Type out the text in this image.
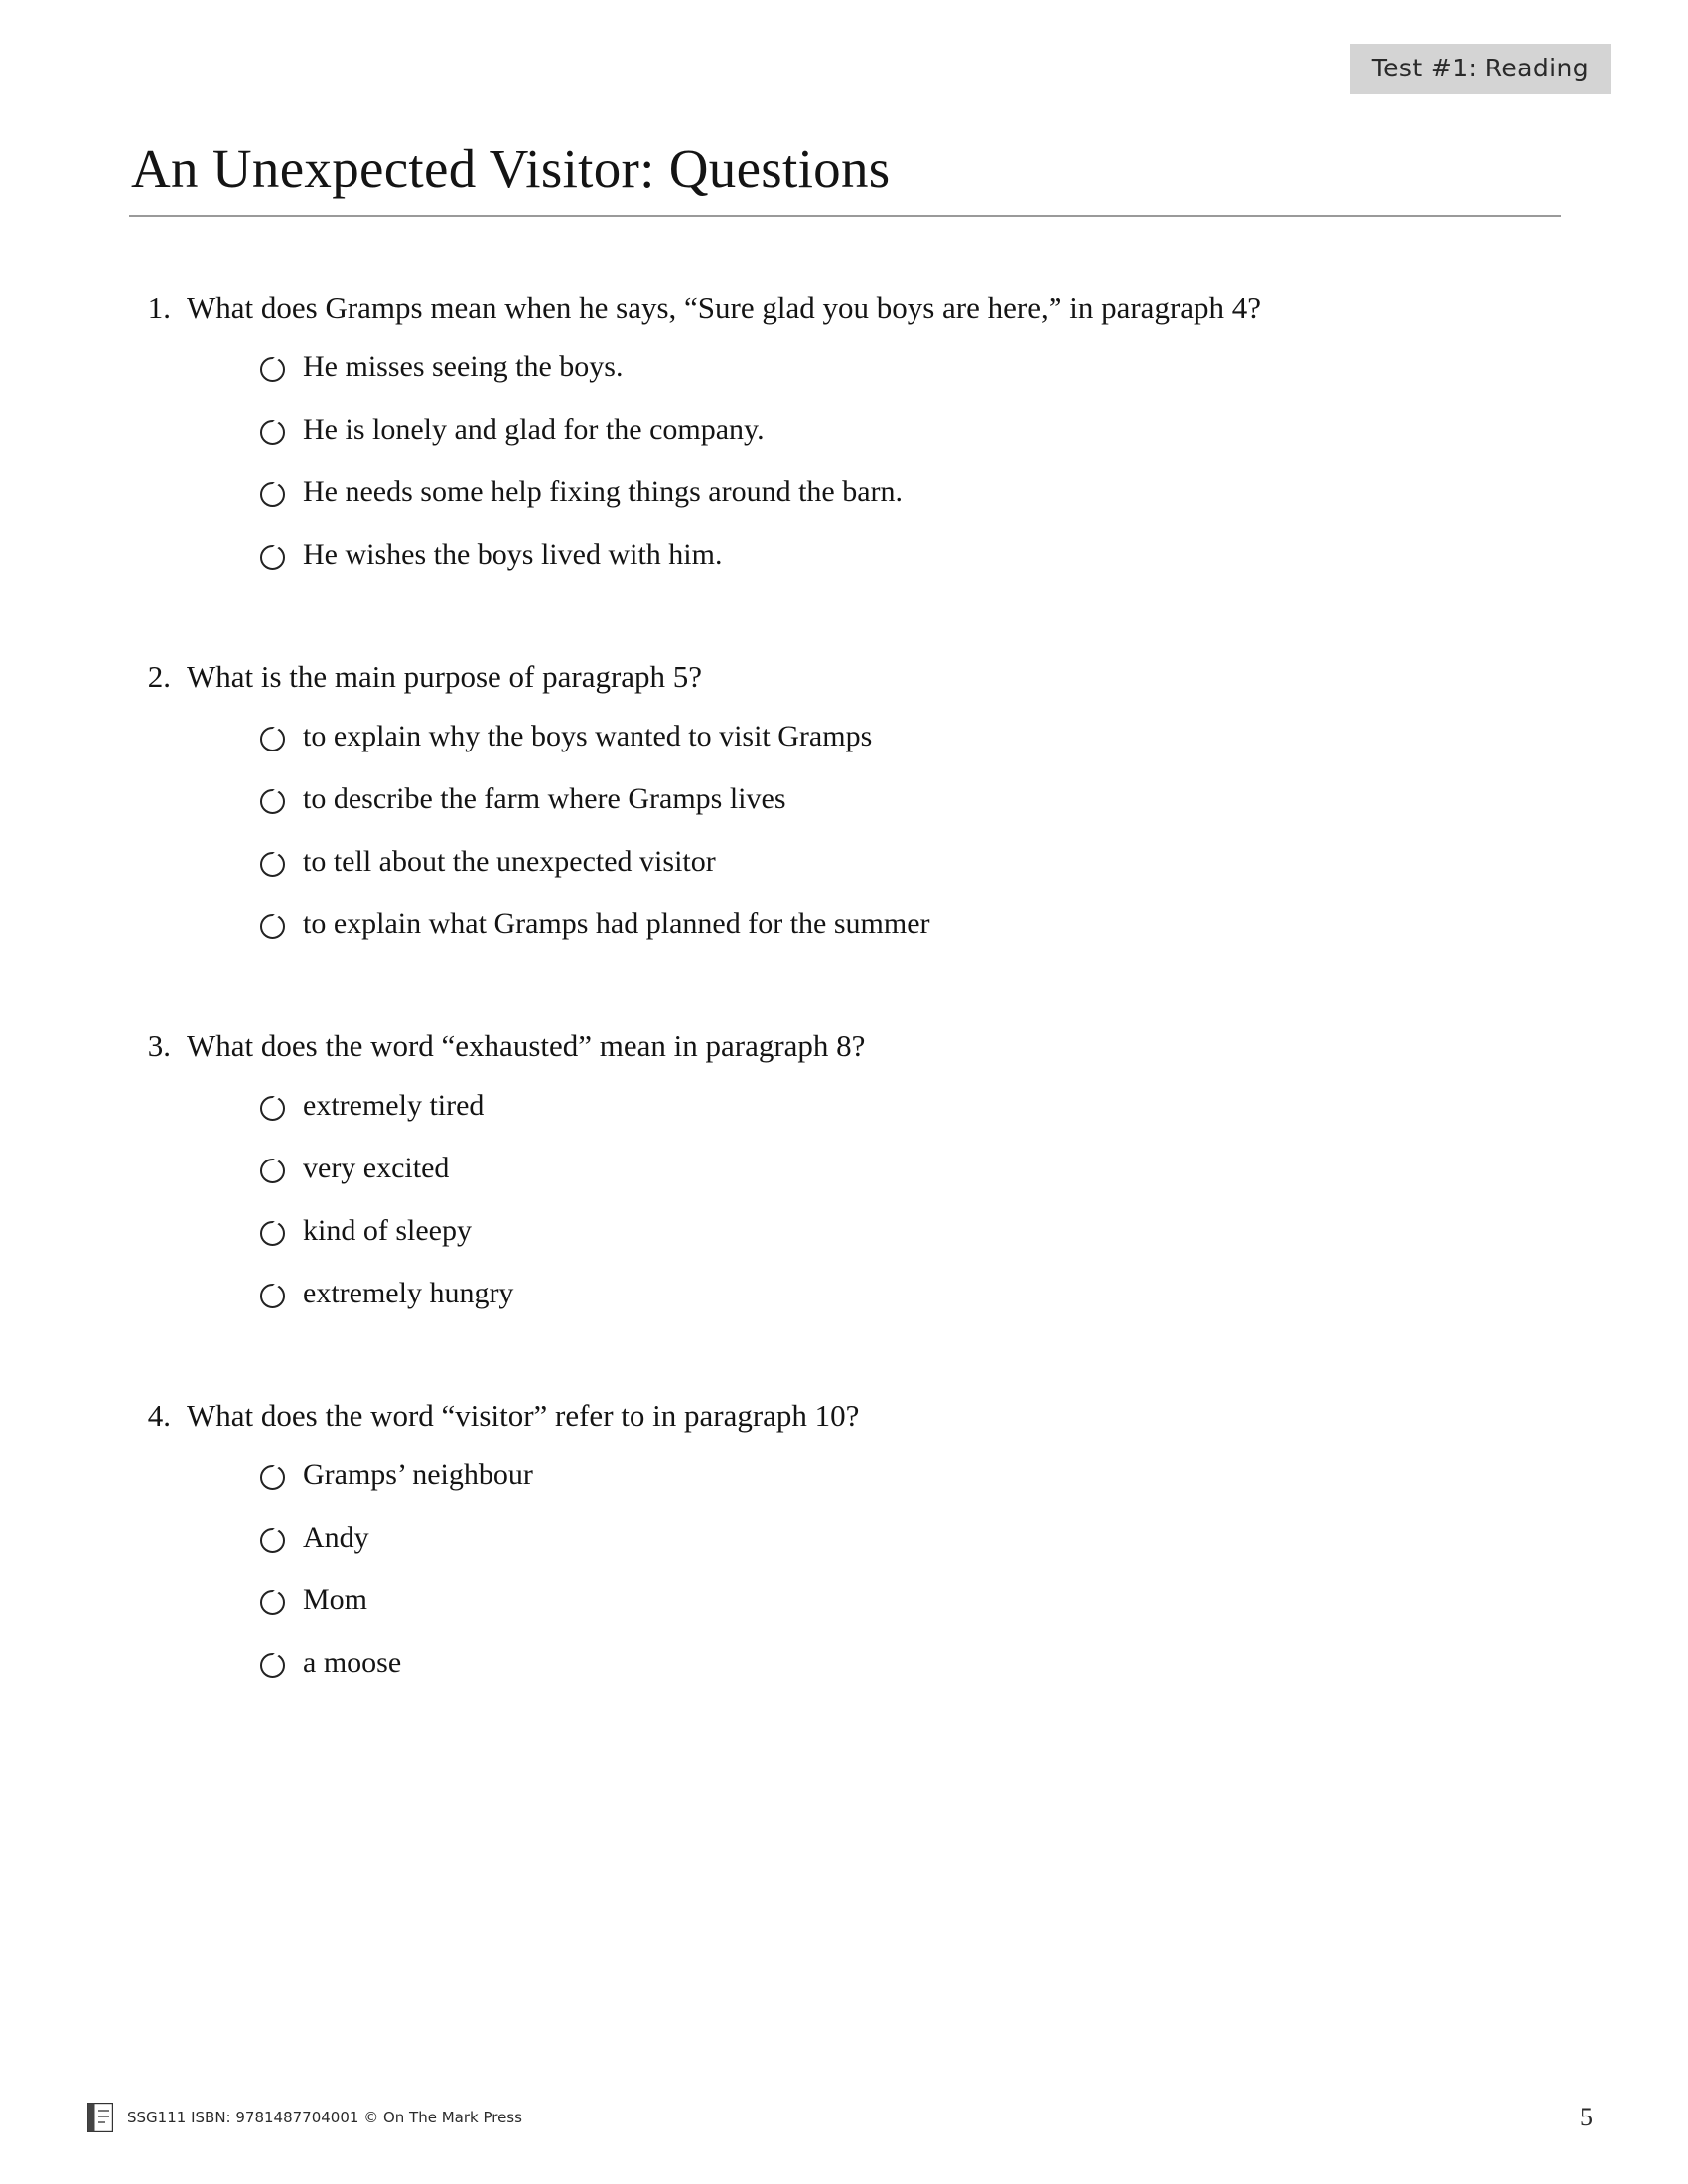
Test #1: Reading
An Unexpected Visitor: Questions
1. What does Gramps mean when he says, “Sure glad you boys are here,” in paragraph 4?
He misses seeing the boys.
He is lonely and glad for the company.
He needs some help fixing things around the barn.
He wishes the boys lived with him.
2. What is the main purpose of paragraph 5?
to explain why the boys wanted to visit Gramps
to describe the farm where Gramps lives
to tell about the unexpected visitor
to explain what Gramps had planned for the summer
3. What does the word “exhausted” mean in paragraph 8?
extremely tired
very excited
kind of sleepy
extremely hungry
4. What does the word “visitor” refer to in paragraph 10?
Gramps’ neighbour
Andy
Mom
a moose
SSG111
ISBN: 9781487704001 © On The Mark Press	5
